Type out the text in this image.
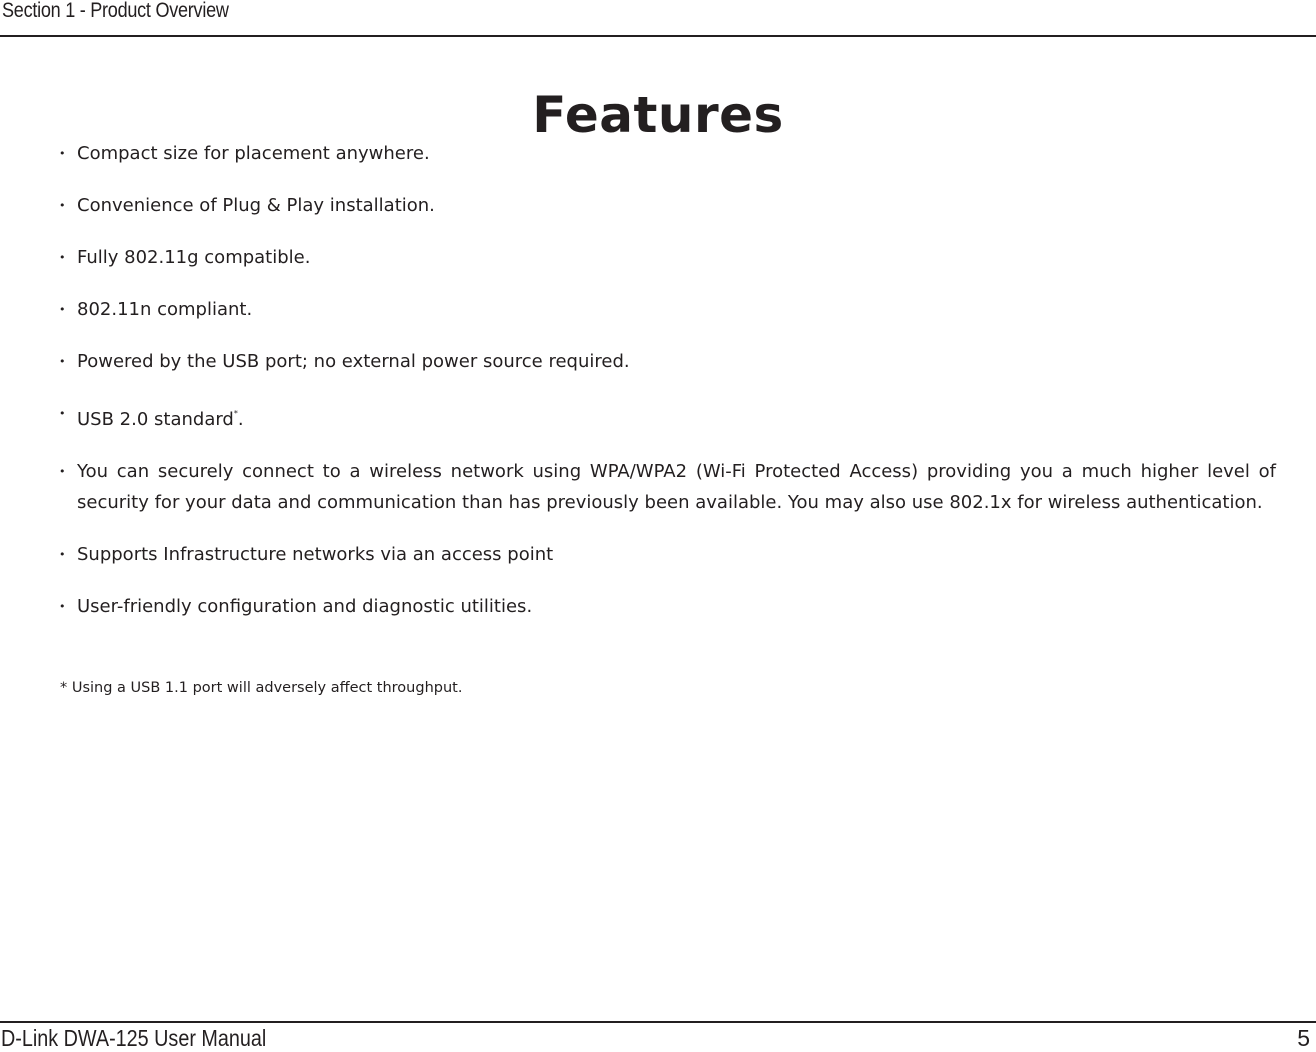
Section 1 - Product Overview
Features
• Compact size for placement anywhere.
• Convenience of Plug & Play installation.
• Fully 802.11g compatible.
• 802.11n compliant.
• Powered by the USB port; no external power source required.
• USB 2.0 standard*.
• You can securely connect to a wireless network using WPA/WPA2 (Wi-Fi Protected Access) providing you a much higher level of security for your data and communication than has previously been available. You may also use 802.1x for wireless authentication.
• Supports Infrastructure networks via an access point
• User-friendly configuration and diagnostic utilities.
* Using a USB 1.1 port will adversely affect throughput.
D-Link DWA-125 User Manual	5
